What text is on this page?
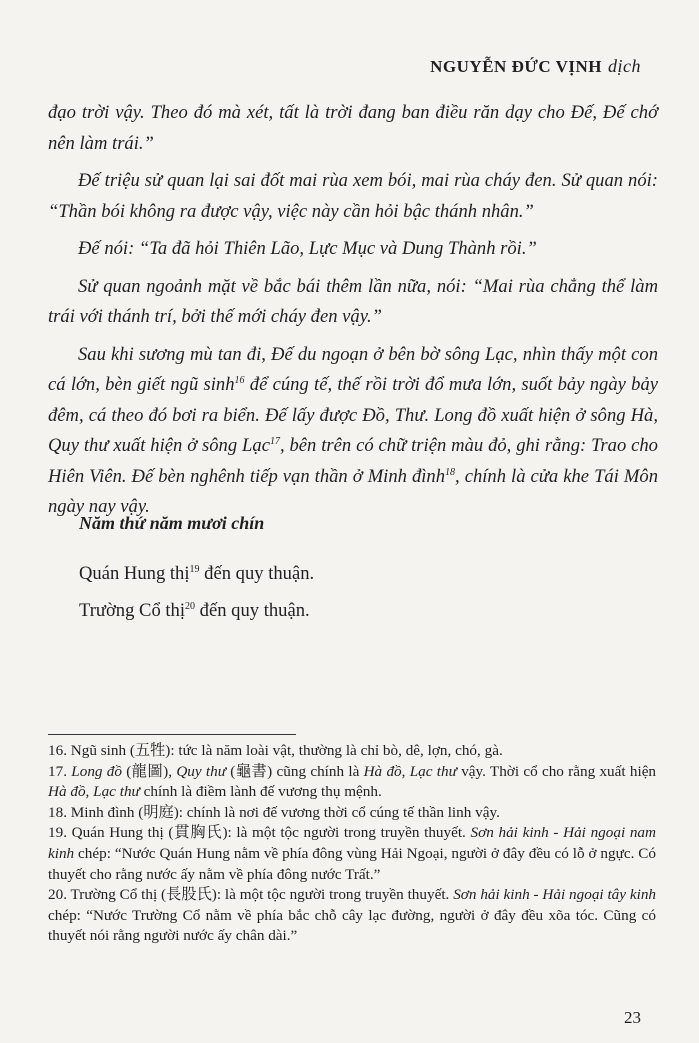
NGUYỄN ĐỨC VỊNH dịch

đạo trời vậy. Theo đó mà xét, tất là trời đang ban điều răn dạy cho Đế, Đế chớ nên làm trái.”

Đế triệu sử quan lại sai đốt mai rùa xem bói, mai rùa cháy đen. Sử quan nói: “Thần bói không ra được vậy, việc này cần hỏi bậc thánh nhân.”

Đế nói: “Ta đã hỏi Thiên Lão, Lực Mục và Dung Thành rồi.”

Sử quan ngoảnh mặt về bắc bái thêm lần nữa, nói: “Mai rùa chẳng thể làm trái với thánh trí, bởi thế mới cháy đen vậy.”

Sau khi sương mù tan đi, Đế du ngoạn ở bên bờ sông Lạc, nhìn thấy một con cá lớn, bèn giết ngũ $\sinh^{16}$ để cúng tế, thế rồi trời đổ mưa lớn, suốt bảy ngày bảy đêm, cá theo đó bơi ra biển. Đế lấy được Đồ, Thư. Long đồ xuất hiện ở sông Hà, Quy thư xuất hiện ở sông Lạc$^{17}$, bên trên có chữ triện màu đỏ, ghi rằng: Trao cho Hiên Viên. Đế bèn nghênh tiếp vạn thần ở Minh đình$^{18}$, chính là cửa khe Tái Môn ngày nay vậy.

Năm thứ năm mươi chín
Quán Hung thị$^{19}$ đến quy thuận.
Trường Cổ thị$^{20}$ đến quy thuận.

16. Ngũ sinh (五牲): tức là năm loài vật, thường là chỉ bò, dê, lợn, chó, gà.

17. Long đồ (龍圖), Quy thư (龜書) cũng chính là Hà đồ, Lạc thư vậy. Thời cổ cho rằng xuất hiện Hà đồ, Lạc thư chính là điềm lành đế vương thụ mệnh.

18. Minh đình (明庭): chính là nơi đế vương thời cổ cúng tế thần linh vậy.

19. Quán Hung thị (貫胸氏): là một tộc người trong truyền thuyết. Sơn hải kinh - Hải ngoại nam kinh chép: “Nước Quán Hung nằm về phía đông vùng Hải Ngoại, người ở đây đều có lỗ ở ngực. Có thuyết cho rằng nước ấy nằm về phía đông nước Trất.”

20. Trường Cổ thị (長股氏): là một tộc người trong truyền thuyết. Sơn hải kinh - Hải ngoại tây kinh chép: “Nước Trường Cổ nằm về phía bắc chỗ cây lạc đường, người ở đây đều xõa tóc. Cũng có thuyết nói rằng người nước ấy chân dài.”

23
